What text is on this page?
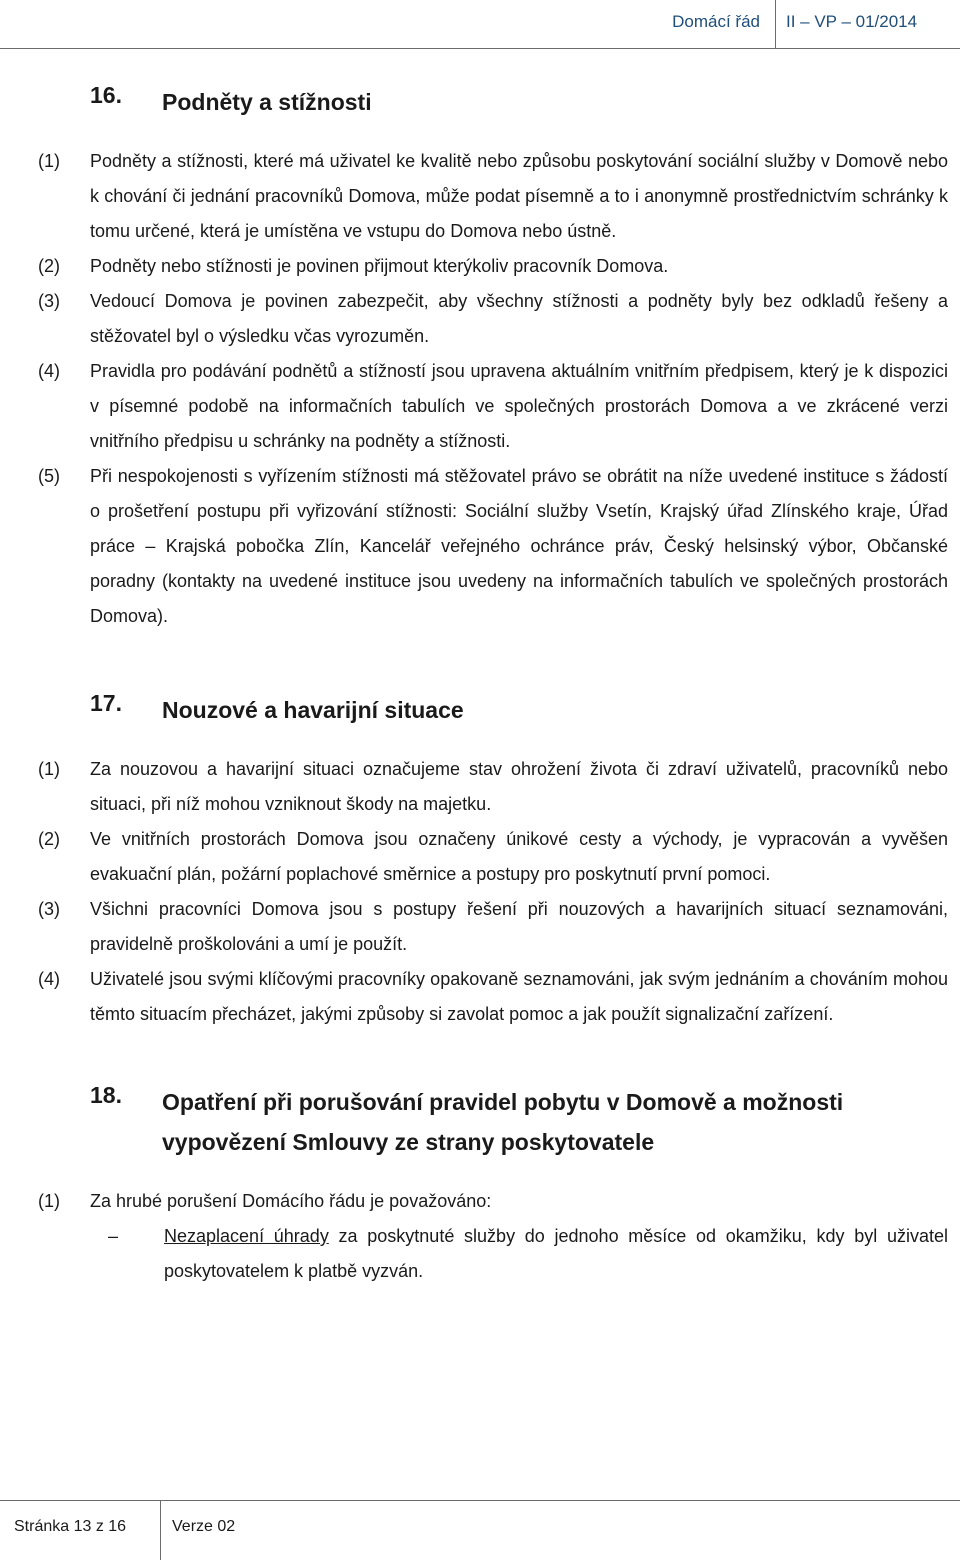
Domácí řád II – VP – 01/2014
16.	Podněty a stížnosti
(1)	Podněty a stížnosti, které má uživatel ke kvalitě nebo způsobu poskytování sociální služby v Domově nebo k chování či jednání pracovníků Domova, může podat písemně a to i anonymně prostřednictvím schránky k tomu určené, která je umístěna ve vstupu do Domova nebo ústně.
(2)	Podněty nebo stížnosti je povinen přijmout kterýkoliv pracovník Domova.
(3)	Vedoucí Domova je povinen zabezpečit, aby všechny stížnosti a podněty byly bez odkladů řešeny a stěžovatel byl o výsledku včas vyrozuměn.
(4)	Pravidla pro podávání podnětů a stížností jsou upravena aktuálním vnitřním předpisem, který je k dispozici v písemné podobě na informačních tabulích ve společných prostorách Domova a ve zkrácené verzi vnitřního předpisu u schránky na podněty a stížnosti.
(5)	Při nespokojenosti s vyřízením stížnosti má stěžovatel právo se obrátit na níže uvedené instituce s žádostí o prošetření postupu při vyřizování stížnosti: Sociální služby Vsetín, Krajský úřad Zlínského kraje, Úřad práce – Krajská pobočka Zlín, Kancelář veřejného ochránce práv, Český helsinský výbor, Občanské poradny (kontakty na uvedené instituce jsou uvedeny na informačních tabulích ve společných prostorách Domova).
17.	Nouzové a havarijní situace
(1)	Za nouzovou a havarijní situaci označujeme stav ohrožení života či zdraví uživatelů, pracovníků nebo situaci, při níž mohou vzniknout škody na majetku.
(2)	Ve vnitřních prostorách Domova jsou označeny únikové cesty a východy, je vypracován a vyvěšen evakuační plán, požární poplachové směrnice a postupy pro poskytnutí první pomoci.
(3)	Všichni pracovníci Domova jsou s postupy řešení při nouzových a havarijních situací seznamováni, pravidelně proškolováni a umí je použít.
(4)	Uživatelé jsou svými klíčovými pracovníky opakovaně seznamováni, jak svým jednáním a chováním mohou těmto situacím přecházet, jakými způsoby si zavolat pomoc a jak použít signalizační zařízení.
18.	Opatření při porušování pravidel pobytu v Domově a možnosti vypovězení Smlouvy ze strany poskytovatele
(1)	Za hrubé porušení Domácího řádu je považováno:
–	Nezaplacení úhrady za poskytnuté služby do jednoho měsíce od okamžiku, kdy byl uživatel poskytovatelem k platbě vyzván.
Stránka 13 z 16	Verze 02
